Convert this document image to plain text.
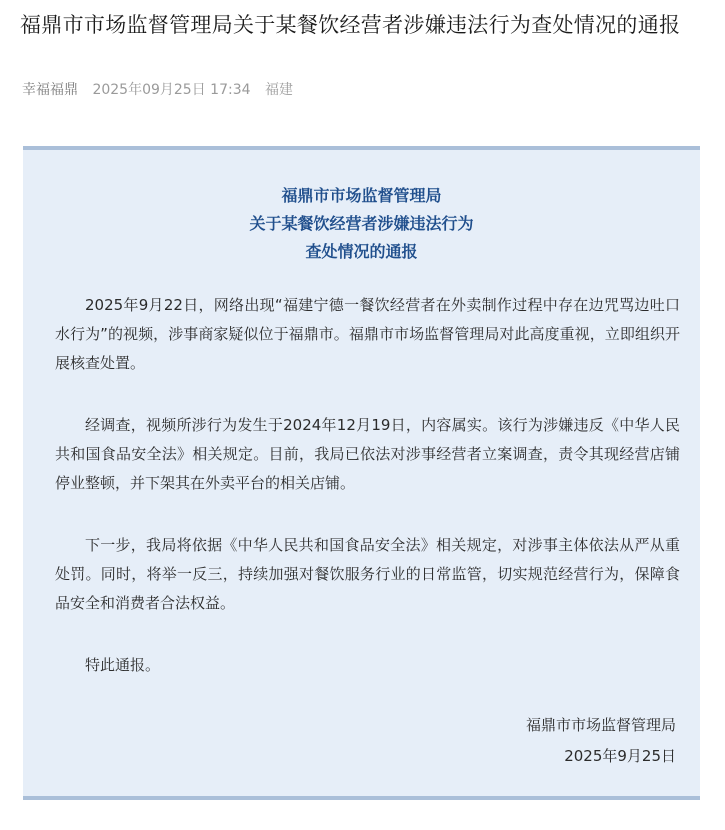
福鼎市市场监督管理局关于某餐饮经营者涉嫌违法行为查处情况的通报
幸福福鼎 2025年09月25日 17:34 福建
福鼎市市场监督管理局
关于某餐饮经营者涉嫌违法行为
查处情况的通报

2025年9月22日，网络出现“福建宁德一餐饮经营者在外卖制作过程中存在边咒骂边吐口水行为”的视频，涉事商家疑似位于福鼎市。福鼎市市场监督管理局对此高度重视，立即组织开展核查处置。

经调查，视频所涉行为发生于2024年12月19日，内容属实。该行为涉嫌违反《中华人民共和国食品安全法》相关规定。目前，我局已依法对涉事经营者立案调查，责令其现经营店铺停业整顿，并下架其在外卖平台的相关店铺。

下一步，我局将依据《中华人民共和国食品安全法》相关规定，对涉事主体依法从严从重处罚。同时，将举一反三，持续加强对餐饮服务行业的日常监管，切实规范经营行为，保障食品安全和消费者合法权益。

特此通报。

福鼎市市场监督管理局
2025年9月25日
